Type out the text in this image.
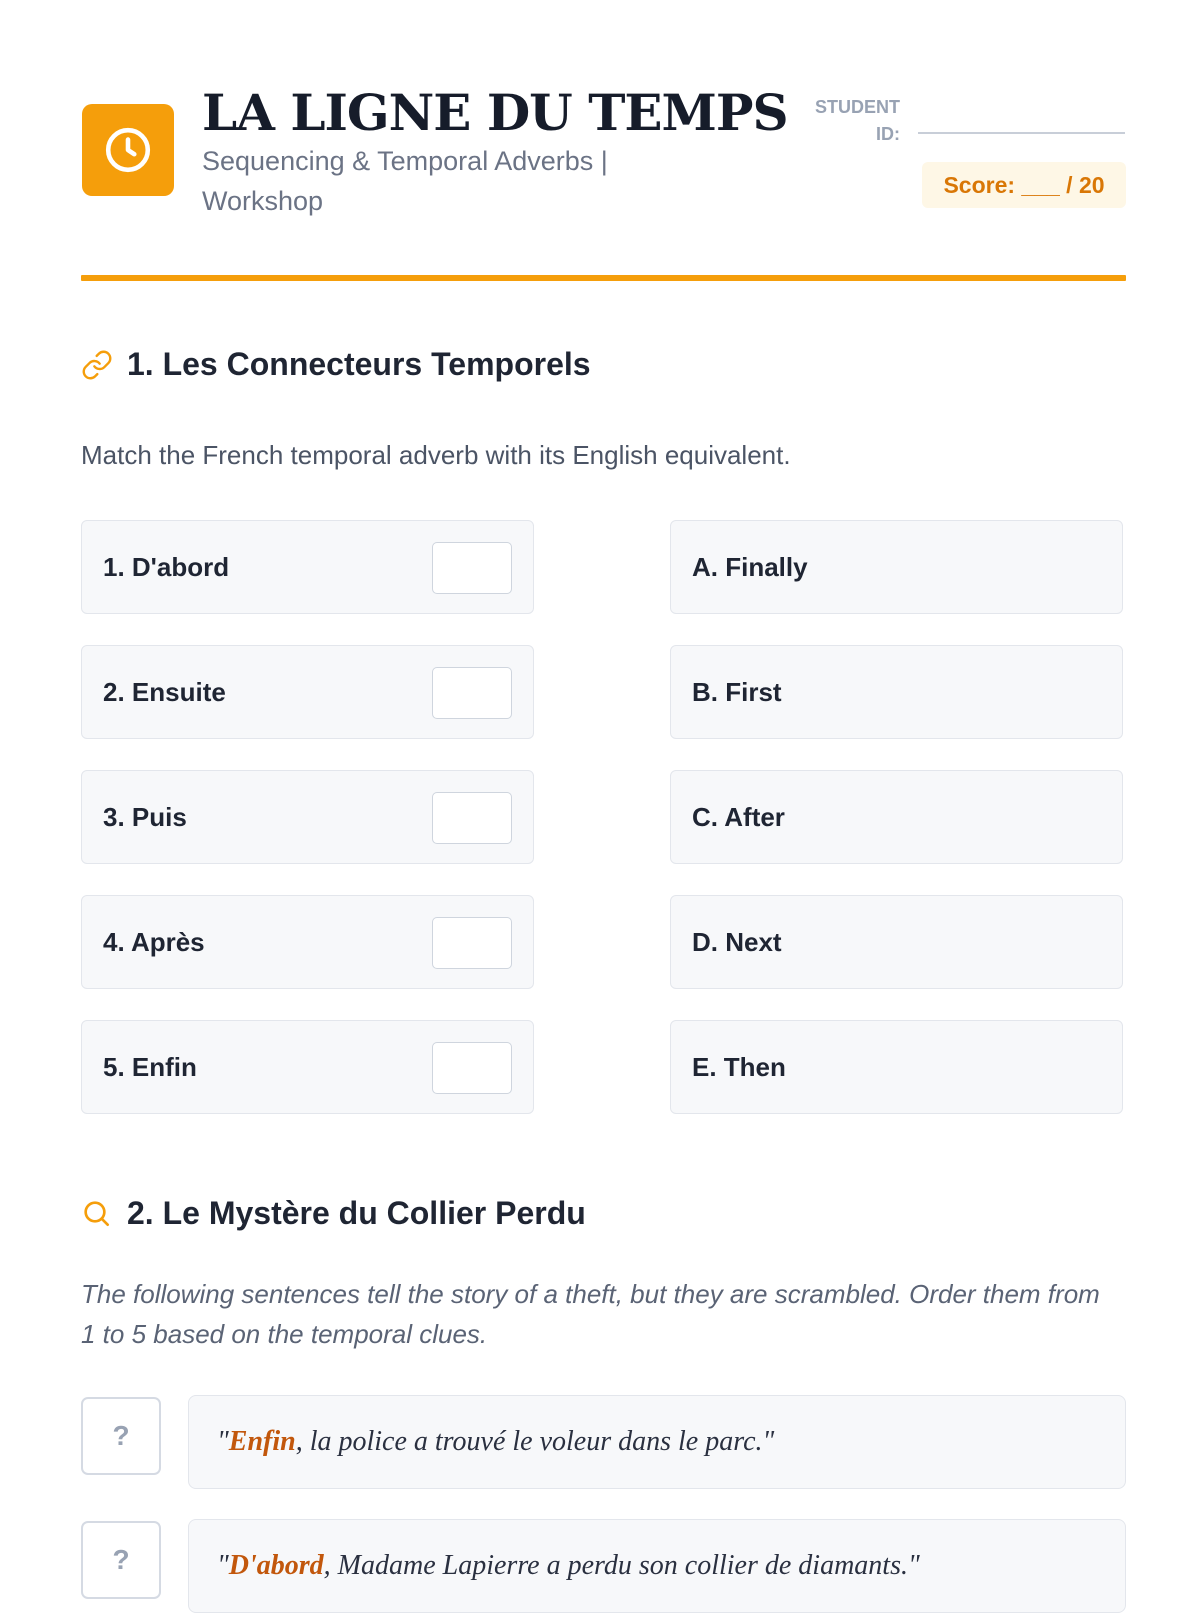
LA LIGNE DU TEMPS

Sequencing & Temporal Adverbs | Workshop

STUDENT ID:
Score: ___ / 20
1. Les Connecteurs Temporels

Match the French temporal adverb with its English equivalent.

1. D'abord
2. Ensuite
3. Puis
4. Après
5. Enfin
A. Finally
B. First
C. After
D. Next
E. Then
2. Le Mystère du Collier Perdu

The following sentences tell the story of a theft, but they are scrambled. Order them from 1 to 5 based on the temporal clues.

?	" Enfin , la police a trouvé le voleur dans le parc."
?	" D'abord , Madame Lapierre a perdu son collier de diamants."
